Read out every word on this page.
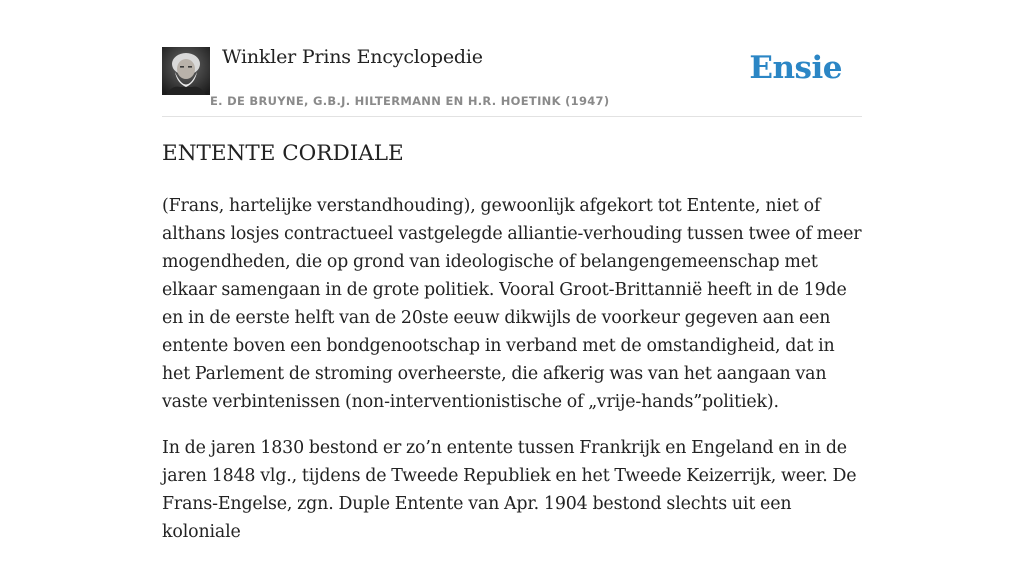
Winkler Prins Encyclopedie
E. DE BRUYNE, G.B.J. HILTERMANN EN H.R. HOETINK (1947)
Ensie
ENTENTE CORDIALE

(Frans, hartelijke verstandhouding), gewoonlijk afgekort tot Entente, niet of althans losjes contractueel vastgelegde alliantie-verhouding tussen twee of meer mogendheden, die op grond van ideologische of belangengemeenschap met elkaar samengaan in de grote politiek. Vooral Groot-Brittannië heeft in de 19de en in de eerste helft van de 20ste eeuw dikwijls de voorkeur gegeven aan een entente boven een bondgenootschap in verband met de omstandigheid, dat in het Parlement de stroming overheerste, die afkerig was van het aangaan van vaste verbintenissen (non-interventionistische of „vrije-hands”politiek).

In de jaren 1830 bestond er zo’n entente tussen Frankrijk en Engeland en in de jaren 1848 vlg., tijdens de Tweede Republiek en het Tweede Keizerrijk, weer. De Frans-Engelse, zgn. Duple Entente van Apr. 1904 bestond slechts uit een koloniale
